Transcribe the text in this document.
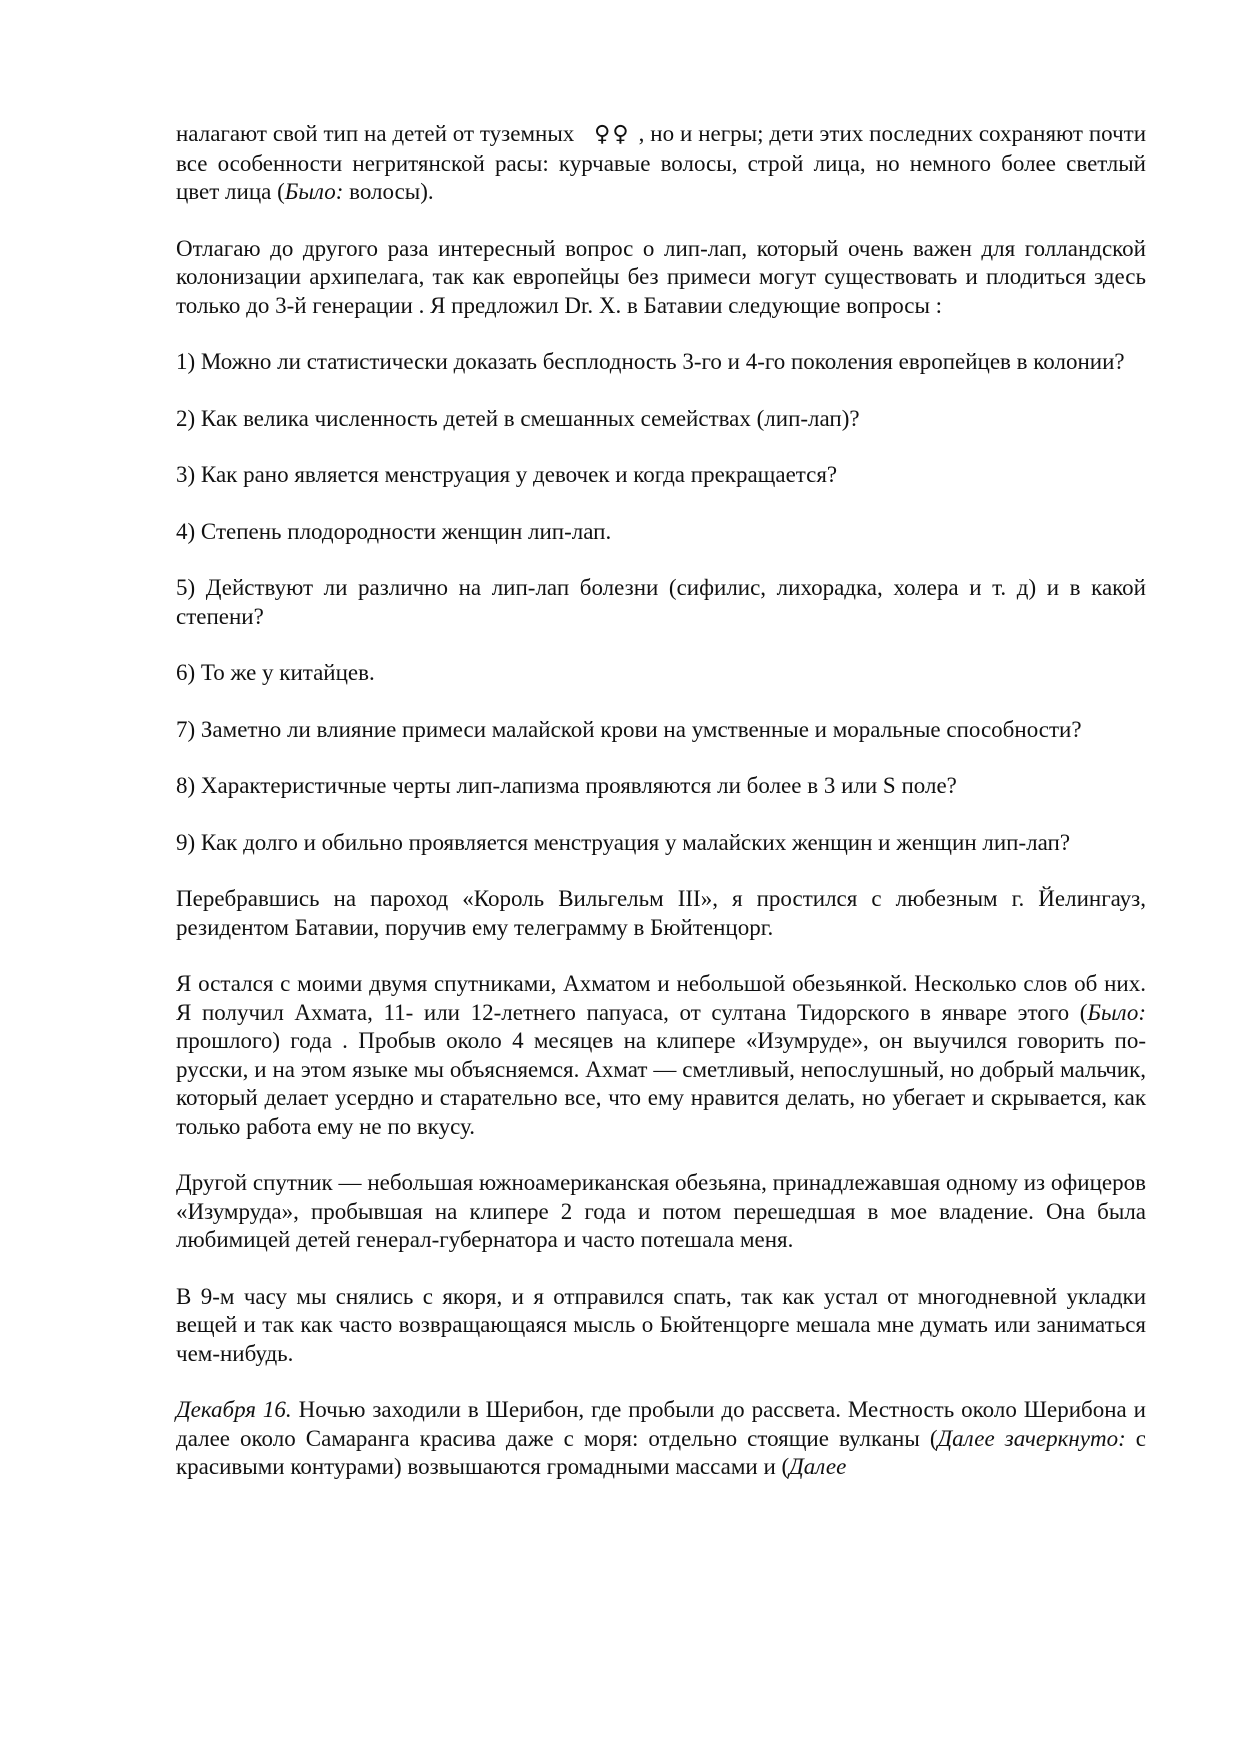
налагают свой тип на детей от туземных ♀♀ , но и негры; дети этих последних сохраняют почти все особенности негритянской расы: курчавые волосы, строй лица, но немного более светлый цвет лица (Было: волосы).

Отлагаю до другого раза интересный вопрос о лип-лап, который очень важен для голландской колонизации архипелага, так как европейцы без примеси могут существовать и плодиться здесь только до 3-й генерации . Я предложил Dr. X. в Батавии следующие вопросы :

1) Можно ли статистически доказать бесплодность 3-го и 4-го поколения европейцев в колонии?

2) Как велика численность детей в смешанных семействах (лип-лап)?

3) Как рано является менструация у девочек и когда прекращается?

4) Степень плодородности женщин лип-лап.

5) Действуют ли различно на лип-лап болезни (сифилис, лихорадка, холера и т. д) и в какой степени?

6) То же у китайцев.

7) Заметно ли влияние примеси малайской крови на умственные и моральные способности?

8) Характеристичные черты лип-лапизма проявляются ли более в 3 или S поле?

9) Как долго и обильно проявляется менструация у малайских женщин и женщин лип-лап?

Перебравшись на пароход «Король Вильгельм III», я простился с любезным г. Йелингауз, резидентом Батавии, поручив ему телеграмму в Бюйтенцорг.

Я остался с моими двумя спутниками, Ахматом и небольшой обезьянкой. Несколько слов об них. Я получил Ахмата, 11- или 12-летнего папуаса, от султана Тидорского в январе этого (Было: прошлого) года . Пробыв около 4 месяцев на клипере «Изумруде», он выучился говорить по-русски, и на этом языке мы объясняемся. Ахмат — сметливый, непослушный, но добрый мальчик, который делает усердно и старательно все, что ему нравится делать, но убегает и скрывается, как только работа ему не по вкусу.

Другой спутник — небольшая южноамериканская обезьяна, принадлежавшая одному из офицеров «Изумруда», пробывшая на клипере 2 года и потом перешедшая в мое владение. Она была любимицей детей генерал-губернатора и часто потешала меня.

В 9-м часу мы снялись с якоря, и я отправился спать, так как устал от многодневной укладки вещей и так как часто возвращающаяся мысль о Бюйтенцорге мешала мне думать или заниматься чем-нибудь.

Декабря 16. Ночью заходили в Шерибон, где пробыли до рассвета. Местность около Шерибона и далее около Самаранга красива даже с моря: отдельно стоящие вулканы (Далее зачеркнуто: с красивыми контурами) возвышаются громадными массами и (Далее
